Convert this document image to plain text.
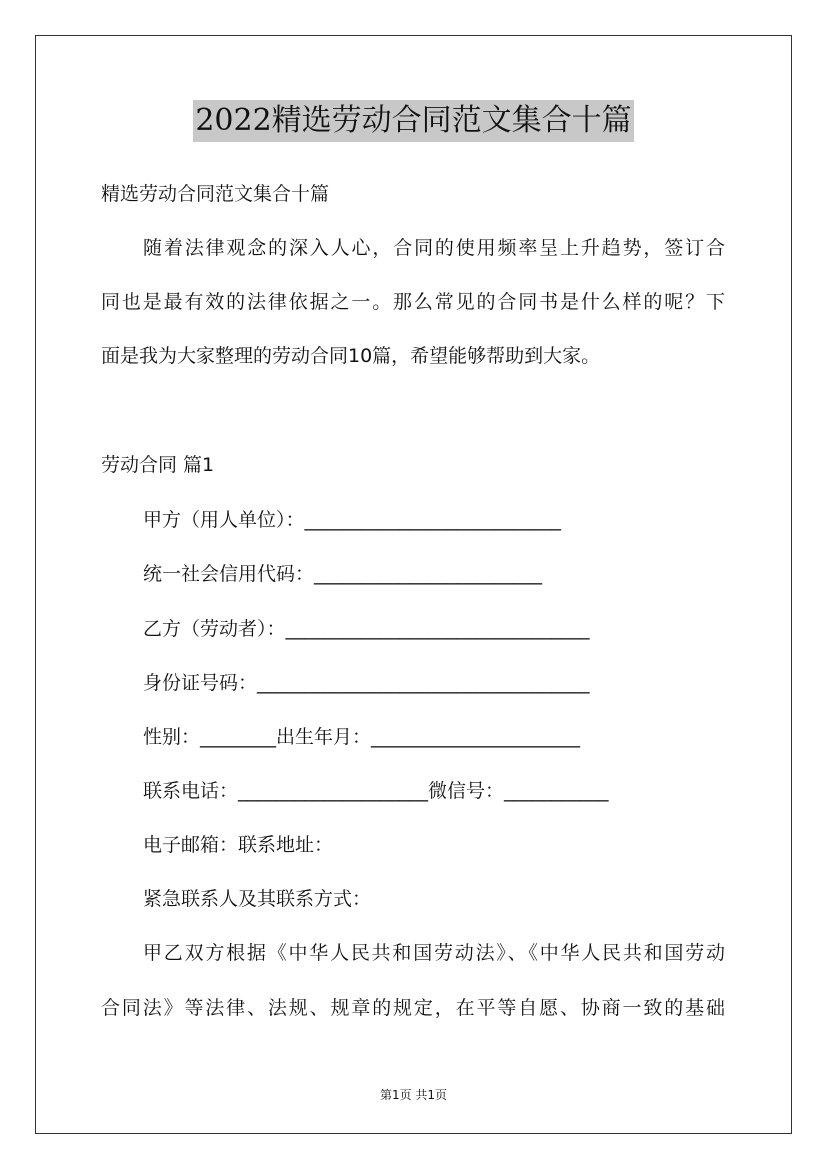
2022精选劳动合同范文集合十篇
精选劳动合同范文集合十篇
随着法律观念的深入人心，合同的使用频率呈上升趋势，签订合
同也是最有效的法律依据之一。那么常见的合同书是什么样的呢？下
面是我为大家整理的劳动合同10篇，希望能够帮助到大家。
劳动合同 篇1
甲方（用人单位）：___________________________
统一社会信用代码：________________________
乙方（劳动者）：________________________________
身份证号码：___________________________________
性别：________出生年月：______________________
联系电话：____________________微信号：___________
电子邮箱：联系地址：
紧急联系人及其联系方式：
甲乙双方根据《中华人民共和国劳动法》、《中华人民共和国劳动
合同法》等法律、法规、规章的规定，在平等自愿、协商一致的基础
第1页 共1页
